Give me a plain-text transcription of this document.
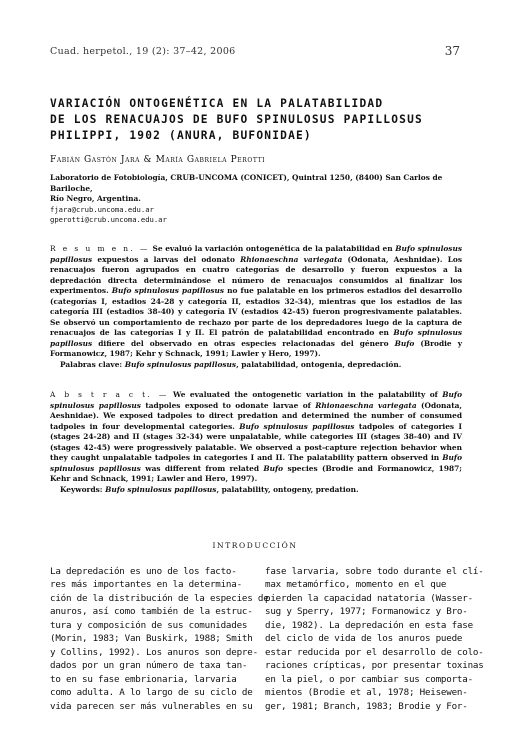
Cuad. herpetol., 19 (2): 37–42, 2006	37
VARIACIÓN ONTOGENÉTICA EN LA PALATABILIDAD
DE LOS RENACUAJOS DE BUFO SPINULOSUS PAPILLOSUS
PHILIPPI, 1902 (ANURA, BUFONIDAE)
Fabián Gastón Jara & María Gabriela Perotti
Laboratorio de Fotobiología, CRUB-UNCOMA (CONICET), Quintral 1250, (8400) San Carlos de Bariloche,
Río Negro, Argentina.
fjara@crub.uncoma.edu.ar
gperotti@crub.uncoma.edu.ar
R e s u m e n. — Se evaluó la variación ontogenética de la palatabilidad en Bufo spinulosus papillosus expuestos a larvas del odonato Rhionaeschna variegata (Odonata, Aeshnidae). Los renacuajos fueron agrupados en cuatro categorías de desarrollo y fueron expuestos a la depredación directa determinándose el número de renacuajos consumidos al finalizar los experimentos. Bufo spinulosus papillosus no fue palatable en los primeros estadios del desarrollo (categorías I, estadios 24-28 y categoría II, estadios 32-34), mientras que los estadios de las categoría III (estadios 38-40) y categoría IV (estadios 42-45) fueron progresivamente palatables. Se observó un comportamiento de rechazo por parte de los depredadores luego de la captura de renacuajos de las categorías I y II. El patrón de palatabilidad encontrado en Bufo spinulosus papillosus difiere del observado en otras especies relacionadas del género Bufo (Brodie y Formanowicz, 1987; Kehr y Schnack, 1991; Lawler y Hero, 1997).
Palabras clave: Bufo spinulosus papillosus, palatabilidad, ontogenia, depredación.
A b s t r a c t. — We evaluated the ontogenetic variation in the palatability of Bufo spinulosus papillosus tadpoles exposed to odonate larvae of Rhionaeschna variegata (Odonata, Aeshnidae). We exposed tadpoles to direct predation and determined the number of consumed tadpoles in four developmental categories. Bufo spinulosus papillosus tadpoles of categories I (stages 24-28) and II (stages 32-34) were unpalatable, while categories III (stages 38-40) and IV (stages 42-45) were progressively palatable. We observed a post-capture rejection behavior when they caught unpalatable tadpoles in categories I and II. The palatability pattern observed in Bufo spinulosus papillosus was different from related Bufo species (Brodie and Formanowicz, 1987; Kehr and Schnack, 1991; Lawler and Hero, 1997).
Keywords: Bufo spinulosus papillosus, palatability, ontogeny, predation.
INTRODUCCIÓN
La depredación es uno de los facto-
res más importantes en la determina-
ción de la distribución de la especies de
anuros, así como también de la estruc-
tura y composición de sus comunidades
(Morin, 1983; Van Buskirk, 1988; Smith
y Collins, 1992). Los anuros son depre-
dados por un gran número de taxa tan-
to en su fase embrionaria, larvaria
como adulta. A lo largo de su ciclo de
vida parecen ser más vulnerables en su
fase larvaria, sobre todo durante el clí-
max metamórfico, momento en el que
pierden la capacidad natatoria (Wasser-
sug y Sperry, 1977; Formanowicz y Bro-
die, 1982). La depredación en esta fase
del ciclo de vida de los anuros puede
estar reducida por el desarrollo de colo-
raciones crípticas, por presentar toxinas
en la piel, o por cambiar sus comporta-
mientos (Brodie et al, 1978; Heisewen-
ger, 1981; Branch, 1983; Brodie y For-
